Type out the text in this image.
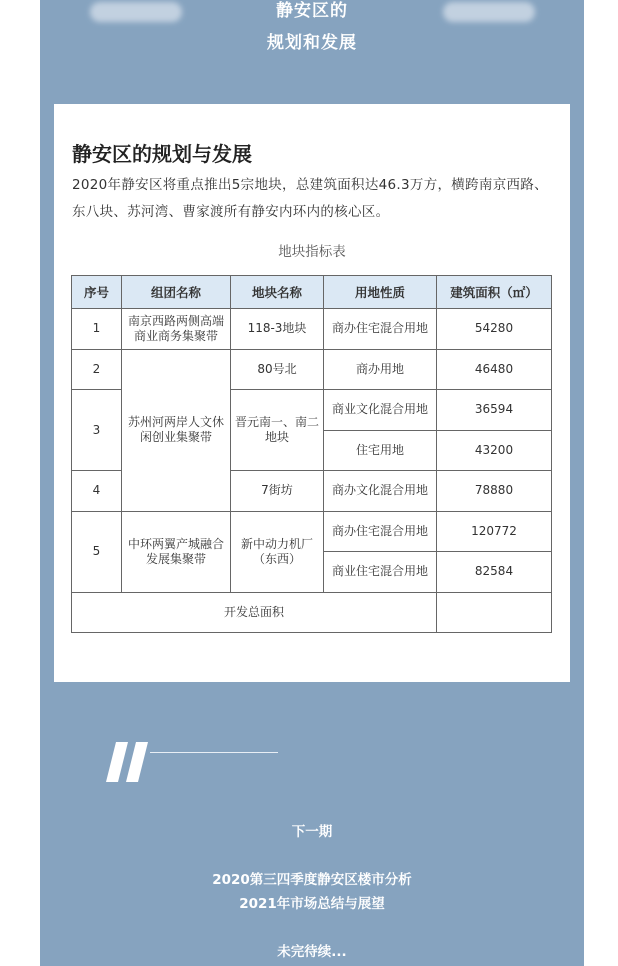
静安区的
规划和发展
静安区的规划与发展
2020年静安区将重点推出5宗地块，总建筑面积达46.3万方，横跨南京西路、东八块、苏河湾、曹家渡所有静安内环内的核心区。
地块指标表
序号	组团名称	地块名称	用地性质	建筑面积（㎡）
1	南京西路两侧高端商业商务集聚带	118-3地块	商办住宅混合用地	54280
2	苏州河两岸人文休闲创业集聚带	80号北	商办用地	46480
3		晋元南一、南二地块	商业文化混合用地	36594
			住宅用地	43200
4		7街坊	商办文化混合用地	78880
5	中环两翼产城融合发展集聚带	新中动力机厂（东西）	商办住宅混合用地	120772
			商业住宅混合用地	82584
开发总面积				
下一期
2020第三四季度静安区楼市分析
2021年市场总结与展望
未完待续...
